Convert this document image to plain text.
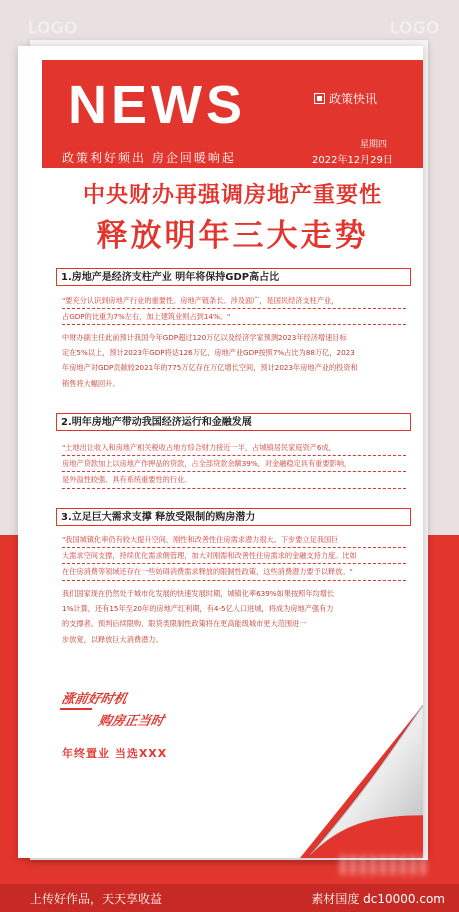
LOGO	LOGO
NEWS	政策快讯
政策利好频出 房企回暖响起
星期四
2022年12月29日
中央财办再强调房地产重要性
释放明年三大走势
1.房地产是经济支柱产业 明年将保持GDP高占比
"要充分认识到房地产行业的重要性。房地产链条长、涉及面广，是国民经济支柱产业，
占GDP的比重为7%左右，加上建筑业则占到14%。"
中财办副主任此前预计我国今年GDP超过120万亿以及经济学家预测2023年经济增速目标
定在5%以上，预计2023年GDP将达126万亿，房地产业GDP按照7%占比为88万亿，2023
年房地产对GDP贡献较2021年的775万亿存在万亿增长空间，预计2023年房地产业的投资和
销售将大幅回升。
2.明年房地产带动我国经济运行和金融发展
"土地出让收入和房地产相关税收占地方综合财力接近一半，占城镇居民家庭资产6成，
房地产贷款加上以房地产作押品的贷款，占全部贷款余额39%，对金融稳定具有重要影响，
是外溢性较强、具有系统重要性的行业。
3.立足巨大需求支撑 释放受限制的购房潜力
"我国城镇化率仍有较大提升空间，刚性和改善性住房需求潜力很大。下步要立足我国巨
大需求空间支撑，持续优化需求侧管理，加大对刚需和改善性住房需求的金融支持力度。比如
在住房消费等领域还存在一些妨碍消费需求释放的限制性政策，这些消费潜力要予以释放。"
我们国家现在仍然处于城市化发展的快速发展时期，城镇化率639%如果按照年均增长
1%计算，还有15年至20年的房地产红利期，有4-5亿人口进城，将成为房地产强有力
的支撑者。预判后续限购、限贷类限制性政策将在更高能级城市更大范围进一
步放宽，以释放巨大消费潜力。
涨前好时机
购房正当时
年终置业 当选XXX
上传好作品，天天享收益	素材国度 dc10000.com
